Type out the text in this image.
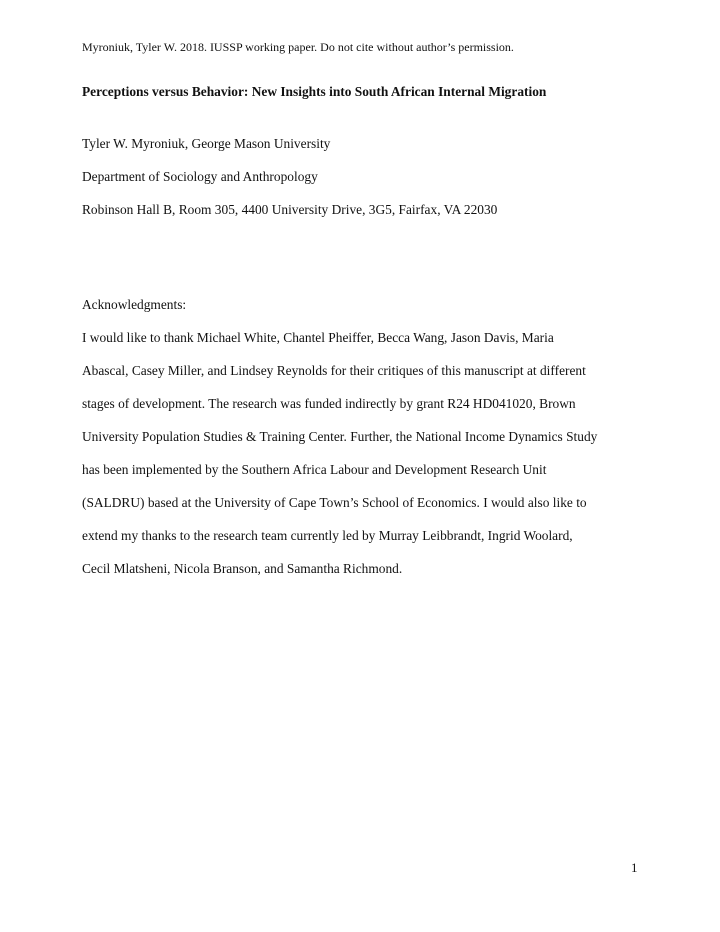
Myroniuk, Tyler W. 2018. IUSSP working paper. Do not cite without author’s permission.
Perceptions versus Behavior: New Insights into South African Internal Migration
Tyler W. Myroniuk, George Mason University
Department of Sociology and Anthropology
Robinson Hall B, Room 305, 4400 University Drive, 3G5, Fairfax, VA 22030
Acknowledgments:
I would like to thank Michael White, Chantel Pheiffer, Becca Wang, Jason Davis, Maria
Abascal, Casey Miller, and Lindsey Reynolds for their critiques of this manuscript at different
stages of development. The research was funded indirectly by grant R24 HD041020, Brown
University Population Studies & Training Center. Further, the National Income Dynamics Study
has been implemented by the Southern Africa Labour and Development Research Unit
(SALDRU) based at the University of Cape Town’s School of Economics. I would also like to
extend my thanks to the research team currently led by Murray Leibbrandt, Ingrid Woolard,
Cecil Mlatsheni, Nicola Branson, and Samantha Richmond.
1
